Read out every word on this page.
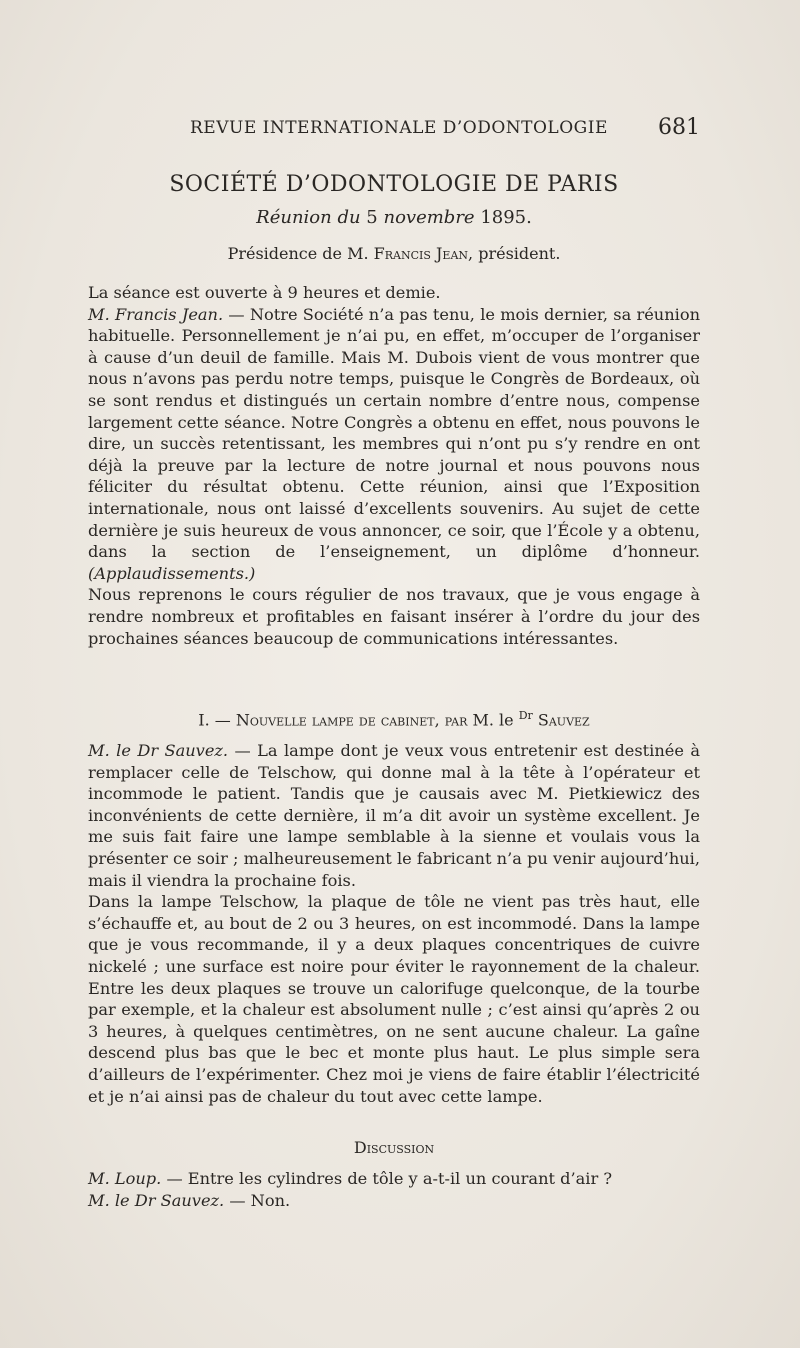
REVUE INTERNATIONALE D’ODONTOLOGIE 681
SOCIÉTÉ D’ODONTOLOGIE DE PARIS
Réunion du 5 novembre 1895.
Présidence de M. Francis Jean, président.

La séance est ouverte à 9 heures et demie.

M. Francis Jean. — Notre Société n’a pas tenu, le mois dernier, sa réunion habituelle. Personnellement je n’ai pu, en effet, m’occuper de l’organiser à cause d’un deuil de famille. Mais M. Dubois vient de vous montrer que nous n’avons pas perdu notre temps, puisque le Congrès de Bordeaux, où se sont rendus et distingués un certain nombre d’entre nous, compense largement cette séance. Notre Congrès a obtenu en effet, nous pouvons le dire, un succès retentissant, les membres qui n’ont pu s’y rendre en ont déjà la preuve par la lecture de notre journal et nous pouvons nous féliciter du résultat obtenu. Cette réunion, ainsi que l’Exposition internationale, nous ont laissé d’excellents souvenirs. Au sujet de cette dernière je suis heureux de vous annoncer, ce soir, que l’École y a obtenu, dans la section de l’enseignement, un diplôme d’honneur. (Applaudissements.)

Nous reprenons le cours régulier de nos travaux, que je vous engage à rendre nombreux et profitables en faisant insérer à l’ordre du jour des prochaines séances beaucoup de communications intéressantes.

I. — Nouvelle lampe de cabinet, par M. le $^{Dr}$ Sauvez

M. le Dr Sauvez. — La lampe dont je veux vous entretenir est destinée à remplacer celle de Telschow, qui donne mal à la tête à l’opérateur et incommode le patient. Tandis que je causais avec M. Pietkiewicz des inconvénients de cette dernière, il m’a dit avoir un système excellent. Je me suis fait faire une lampe semblable à la sienne et voulais vous la présenter ce soir ; malheureusement le fabricant n’a pu venir aujourd’hui, mais il viendra la prochaine fois.

Dans la lampe Telschow, la plaque de tôle ne vient pas très haut, elle s’échauffe et, au bout de 2 ou 3 heures, on est incommodé. Dans la lampe que je vous recommande, il y a deux plaques concentriques de cuivre nickelé ; une surface est noire pour éviter le rayonnement de la chaleur. Entre les deux plaques se trouve un calorifuge quelconque, de la tourbe par exemple, et la chaleur est absolument nulle ; c’est ainsi qu’après 2 ou 3 heures, à quelques centimètres, on ne sent aucune chaleur. La gaîne descend plus bas que le bec et monte plus haut. Le plus simple sera d’ailleurs de l’expérimenter. Chez moi je viens de faire établir l’électricité et je n’ai ainsi pas de chaleur du tout avec cette lampe.

Discussion

M. Loup. — Entre les cylindres de tôle y a-t-il un courant d’air ?

M. le Dr Sauvez. — Non.
